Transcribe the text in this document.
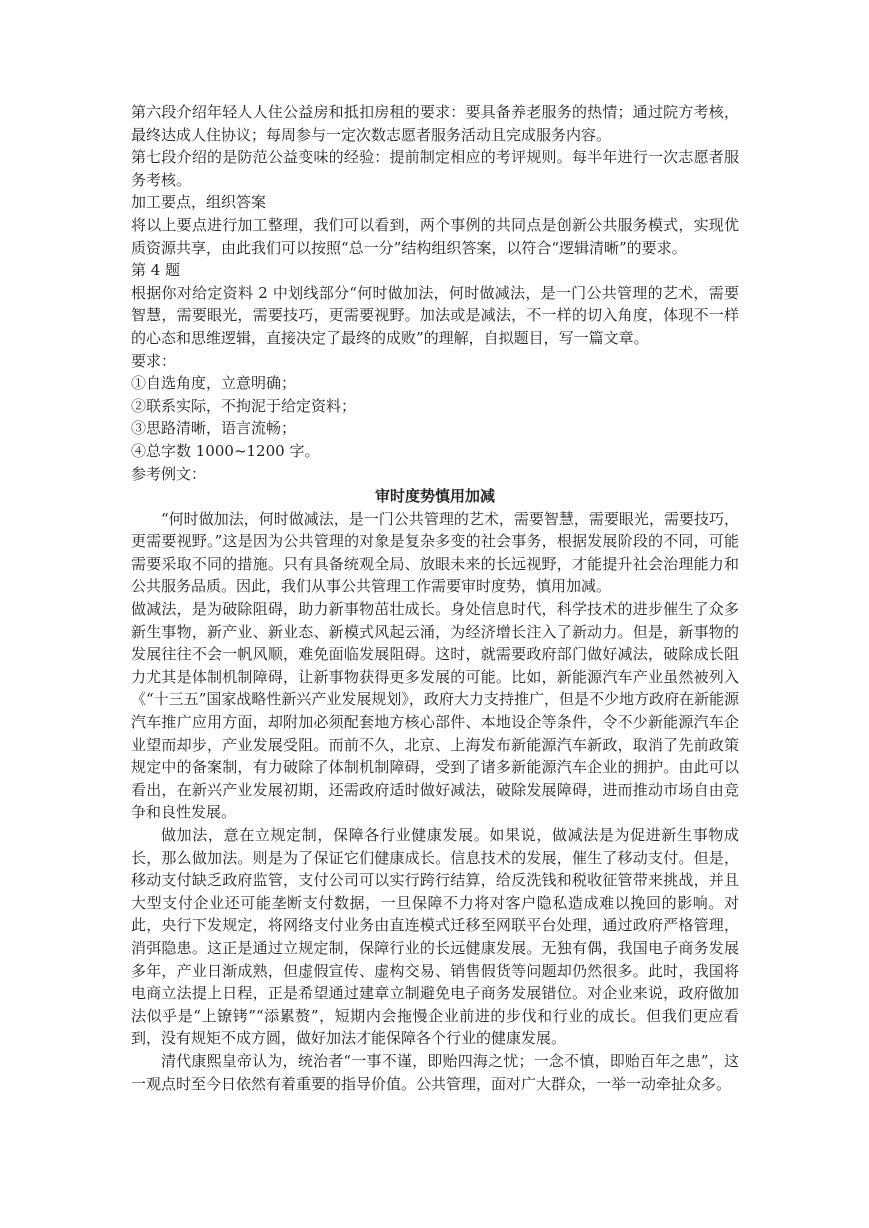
第六段介绍年轻人人住公益房和抵扣房租的要求：要具备养老服务的热情；通过院方考核，最终达成人住协议；每周参与一定次数志愿者服务活动且完成服务内容。

第七段介绍的是防范公益变味的经验：提前制定相应的考评规则。每半年进行一次志愿者服务考核。

加工要点，组织答案

将以上要点进行加工整理，我们可以看到，两个事例的共同点是创新公共服务模式，实现优质资源共享，由此我们可以按照“总一分”结构组织答案，以符合“逻辑清晰”的要求。

第 4 题

根据你对给定资料 2 中划线部分“何时做加法，何时做减法，是一门公共管理的艺术，需要智慧，需要眼光，需要技巧，更需要视野。加法或是减法，不一样的切入角度，体现不一样的心态和思维逻辑，直接决定了最终的成败”的理解，自拟题目，写一篇文章。

要求：

①自选角度，立意明确；

②联系实际，不拘泥于给定资料；

③思路清晰，语言流畅；

④总字数 1000~1200 字。

参考例文：

审时度势慎用加减

“何时做加法，何时做减法，是一门公共管理的艺术，需要智慧，需要眼光，需要技巧，更需要视野。”这是因为公共管理的对象是复杂多变的社会事务，根据发展阶段的不同，可能需要采取不同的措施。只有具备统观全局、放眼未来的长远视野，才能提升社会治理能力和公共服务品质。因此，我们从事公共管理工作需要审时度势，慎用加减。

做减法，是为破除阻碍，助力新事物茁壮成长。身处信息时代，科学技术的进步催生了众多新生事物，新产业、新业态、新模式风起云涌，为经济增长注入了新动力。但是，新事物的发展往往不会一帆风顺，难免面临发展阻碍。这时，就需要政府部门做好减法，破除成长阻力尤其是体制机制障碍，让新事物获得更多发展的可能。比如，新能源汽车产业虽然被列入《“十三五”国家战略性新兴产业发展规划》，政府大力支持推广，但是不少地方政府在新能源汽车推广应用方面，却附加必须配套地方核心部件、本地设企等条件，令不少新能源汽车企业望而却步，产业发展受阻。而前不久，北京、上海发布新能源汽车新政，取消了先前政策规定中的备案制，有力破除了体制机制障碍，受到了诸多新能源汽车企业的拥护。由此可以看出，在新兴产业发展初期，还需政府适时做好减法，破除发展障碍，进而推动市场自由竞争和良性发展。

做加法，意在立规定制，保障各行业健康发展。如果说，做减法是为促进新生事物成长，那么做加法。则是为了保证它们健康成长。信息技术的发展，催生了移动支付。但是，移动支付缺乏政府监管，支付公司可以实行跨行结算，给反洗钱和税收征管带来挑战，并且大型支付企业还可能垄断支付数据，一旦保障不力将对客户隐私造成难以挽回的影响。对此，央行下发规定，将网络支付业务由直连模式迁移至网联平台处理，通过政府严格管理，消弭隐患。这正是通过立规定制，保障行业的长远健康发展。无独有偶，我国电子商务发展多年，产业日渐成熟，但虚假宣传、虚构交易、销售假货等问题却仍然很多。此时，我国将电商立法提上日程，正是希望通过建章立制避免电子商务发展错位。对企业来说，政府做加法似乎是“上镣铐”“添累赘”，短期内会拖慢企业前进的步伐和行业的成长。但我们更应看到，没有规矩不成方圆，做好加法才能保障各个行业的健康发展。

清代康熙皇帝认为，统治者“一事不谨，即贻四海之忧；一念不慎，即贻百年之患”，这一观点时至今日依然有着重要的指导价值。公共管理，面对广大群众，一举一动牵扯众多。
